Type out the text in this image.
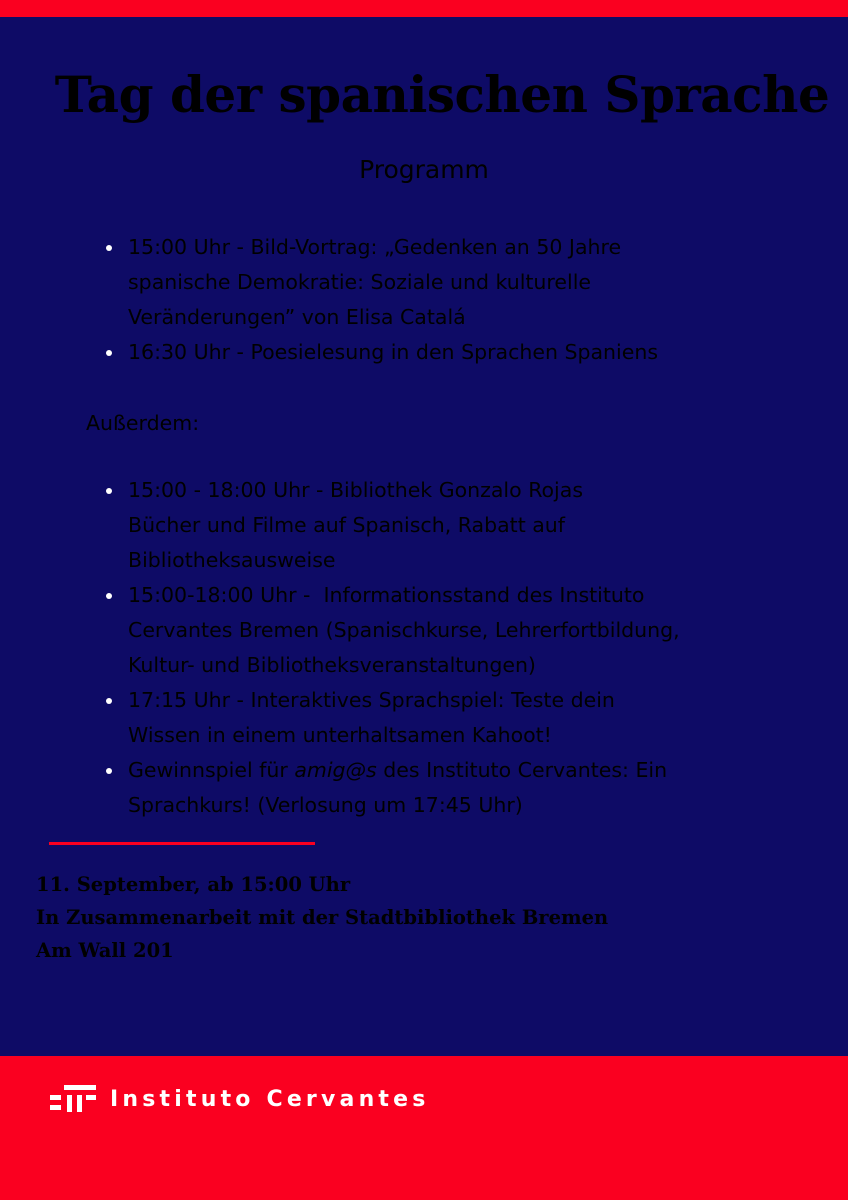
Tag der spanischen Sprache
Programm
15:00 Uhr - Bild-Vortrag: „Gedenken an 50 Jahre
spanische Demokratie: Soziale und kulturelle
Veränderungen” von Elisa Catalá
16:30 Uhr - Poesielesung in den Sprachen Spaniens
Außerdem:
15:00 - 18:00 Uhr - Bibliothek Gonzalo Rojas
Bücher und Filme auf Spanisch, Rabatt auf
Bibliotheksausweise
15:00-18:00 Uhr -  Informationsstand des Instituto
Cervantes Bremen (Spanischkurse, Lehrerfortbildung,
Kultur- und Bibliotheksveranstaltungen)
17:15 Uhr - Interaktives Sprachspiel: Teste dein
Wissen in einem unterhaltsamen Kahoot!
Gewinnspiel für amig@s des Instituto Cervantes: Ein
Sprachkurs! (Verlosung um 17:45 Uhr)
11. September, ab 15:00 Uhr
In Zusammenarbeit mit der Stadtbibliothek Bremen
Am Wall 201
Instituto Cervantes
